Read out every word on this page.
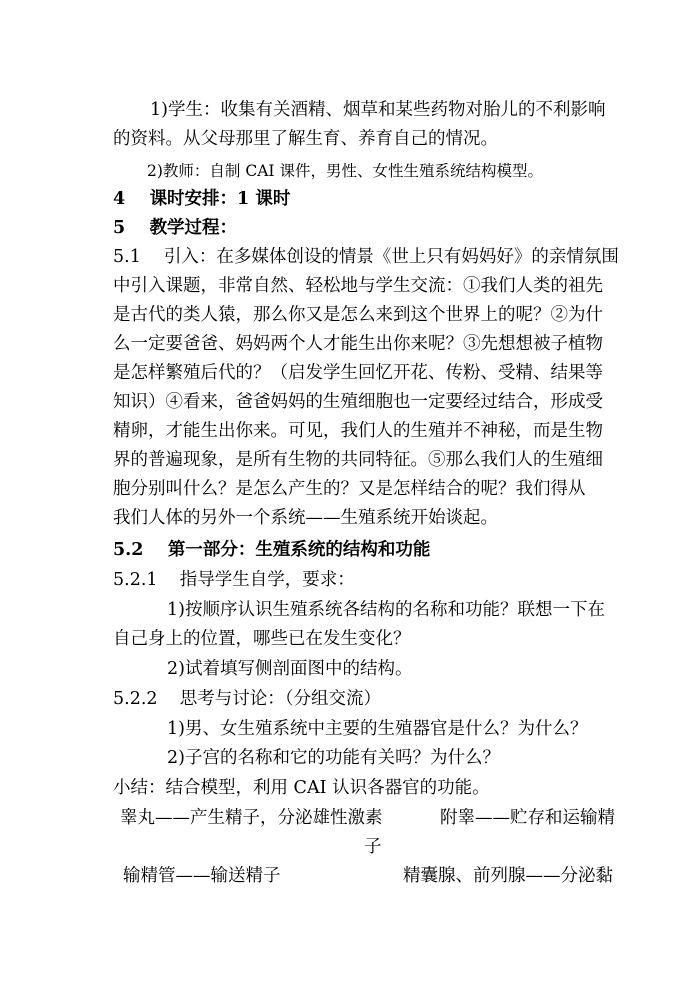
1)学生：收集有关酒精、烟草和某些药物对胎儿的不利影响
的资料。从父母那里了解生育、养育自己的情况。
2)教师：自制 CAI 课件，男性、女性生殖系统结构模型。
4 课时安排：1 课时
5 教学过程：
5.1 　引入：在多媒体创设的情景《世上只有妈妈好》的亲情氛围
中引入课题，非常自然、轻松地与学生交流：①我们人类的祖先
是古代的类人猿，那么你又是怎么来到这个世界上的呢？②为什
么一定要爸爸、妈妈两个人才能生出你来呢？③先想想被子植物
是怎样繁殖后代的？（启发学生回忆开花、传粉、受精、结果等
知识）④看来，爸爸妈妈的生殖细胞也一定要经过结合，形成受
精卵，才能生出你来。可见，我们人的生殖并不神秘，而是生物
界的普遍现象，是所有生物的共同特征。⑤那么我们人的生殖细
胞分别叫什么？是怎么产生的？又是怎样结合的呢？我们得从
我们人体的另外一个系统——生殖系统开始谈起。
5.2 第一部分：生殖系统的结构和功能
5.2.1 指导学生自学，要求：
1)按顺序认识生殖系统各结构的名称和功能？联想一下在
自己身上的位置，哪些已在发生变化？
2)试着填写侧剖面图中的结构。
5.2.2 思考与讨论：（分组交流）
1)男、女生殖系统中主要的生殖器官是什么？为什么？
2)子宫的名称和它的功能有关吗？为什么？
小结：结合模型，利用 CAI 认识各器官的功能。
睾丸——产生精子，分泌雄性激素	附睾——贮存和运输精
子
输精管——输送精子	精囊腺、前列腺——分泌黏
